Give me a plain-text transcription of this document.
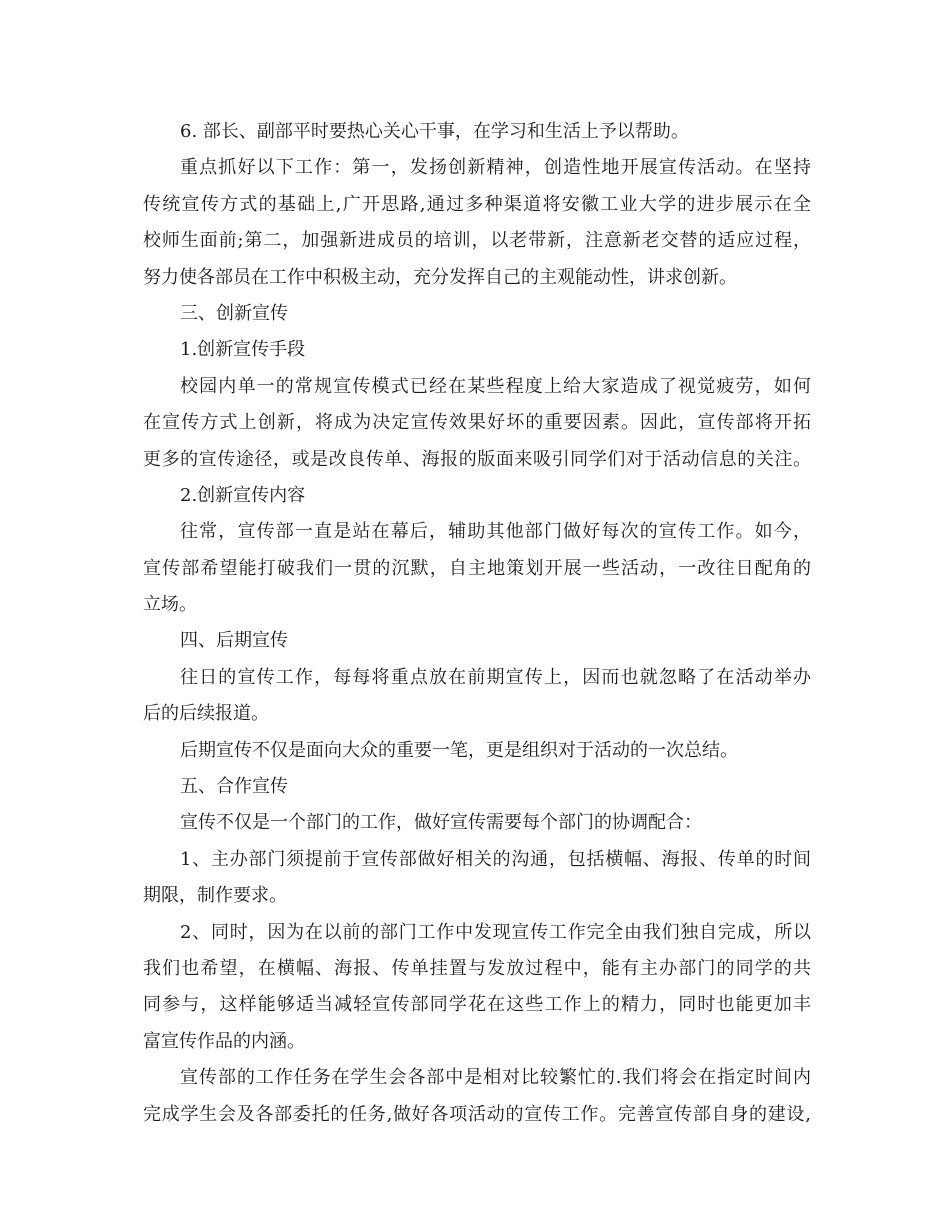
6. 部长、副部平时要热心关心干事，在学习和生活上予以帮助。
重点抓好以下工作：第一，发扬创新精神，创造性地开展宣传活动。在坚持
传统宣传方式的基础上,广开思路,通过多种渠道将安徽工业大学的进步展示在全
校师生面前;第二，加强新进成员的培训，以老带新，注意新老交替的适应过程，
努力使各部员在工作中积极主动，充分发挥自己的主观能动性，讲求创新。
三、创新宣传
1.创新宣传手段
校园内单一的常规宣传模式已经在某些程度上给大家造成了视觉疲劳，如何
在宣传方式上创新，将成为决定宣传效果好坏的重要因素。因此，宣传部将开拓
更多的宣传途径，或是改良传单、海报的版面来吸引同学们对于活动信息的关注。
2.创新宣传内容
往常，宣传部一直是站在幕后，辅助其他部门做好每次的宣传工作。如今，
宣传部希望能打破我们一贯的沉默，自主地策划开展一些活动，一改往日配角的
立场。
四、后期宣传
往日的宣传工作，每每将重点放在前期宣传上，因而也就忽略了在活动举办
后的后续报道。
后期宣传不仅是面向大众的重要一笔，更是组织对于活动的一次总结。
五、合作宣传
宣传不仅是一个部门的工作，做好宣传需要每个部门的协调配合：
1、主办部门须提前于宣传部做好相关的沟通，包括横幅、海报、传单的时间
期限，制作要求。
2、同时，因为在以前的部门工作中发现宣传工作完全由我们独自完成，所以
我们也希望，在横幅、海报、传单挂置与发放过程中，能有主办部门的同学的共
同参与，这样能够适当减轻宣传部同学花在这些工作上的精力，同时也能更加丰
富宣传作品的内涵。
宣传部的工作任务在学生会各部中是相对比较繁忙的.我们将会在指定时间内
完成学生会及各部委托的任务,做好各项活动的宣传工作。完善宣传部自身的建设,
